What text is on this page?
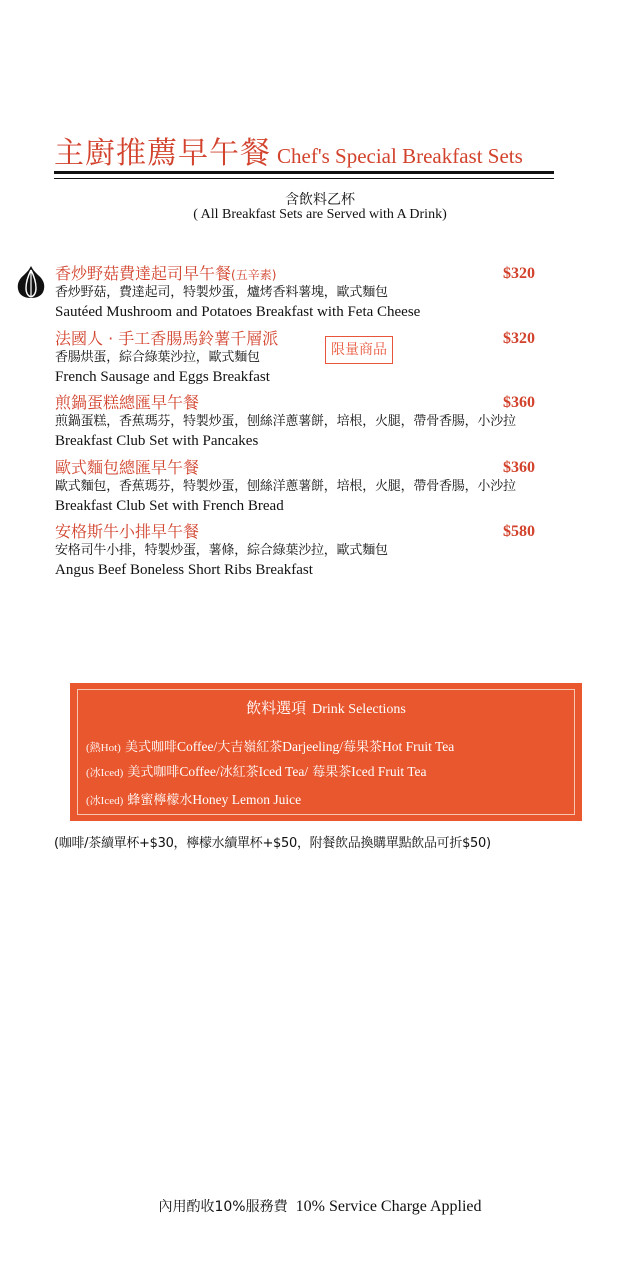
主廚推薦早午餐 Chef's Special Breakfast Sets
含飲料乙杯
( All Breakfast Sets are Served with A Drink)
香炒野菇費達起司早午餐(五辛素)	$320
香炒野菇，費達起司，特製炒蛋，爐烤香料薯塊，歐式麵包
Sautéed Mushroom and Potatoes Breakfast with Feta Cheese
法國人 · 手工香腸馬鈴薯千層派	$320
香腸烘蛋，綜合綠葉沙拉，歐式麵包
French Sausage and Eggs Breakfast
限量商品
煎鍋蛋糕總匯早午餐	$360
煎鍋蛋糕，香蕉瑪芬，特製炒蛋，刨絲洋蔥薯餅，培根，火腿，帶骨香腸，小沙拉
Breakfast Club Set with Pancakes
歐式麵包總匯早午餐	$360
歐式麵包，香蕉瑪芬，特製炒蛋，刨絲洋蔥薯餅，培根，火腿，帶骨香腸，小沙拉
Breakfast Club Set with French Bread
安格斯牛小排早午餐	$580
安格司牛小排，特製炒蛋，薯條，綜合綠葉沙拉，歐式麵包
Angus Beef Boneless Short Ribs Breakfast
飲料選項 Drink Selections
(熱Hot) 美式咖啡Coffee/大吉嶺紅茶Darjeeling/莓果茶Hot Fruit Tea
(冰Iced) 美式咖啡Coffee/冰紅茶Iced Tea/ 莓果茶Iced Fruit Tea
(冰Iced) 蜂蜜檸檬水Honey Lemon Juice
(咖啡/茶續單杯+$30，檸檬水續單杯+$50，附餐飲品換購單點飲品可折$50)
內用酌收10%服務費 10% Service Charge Applied
